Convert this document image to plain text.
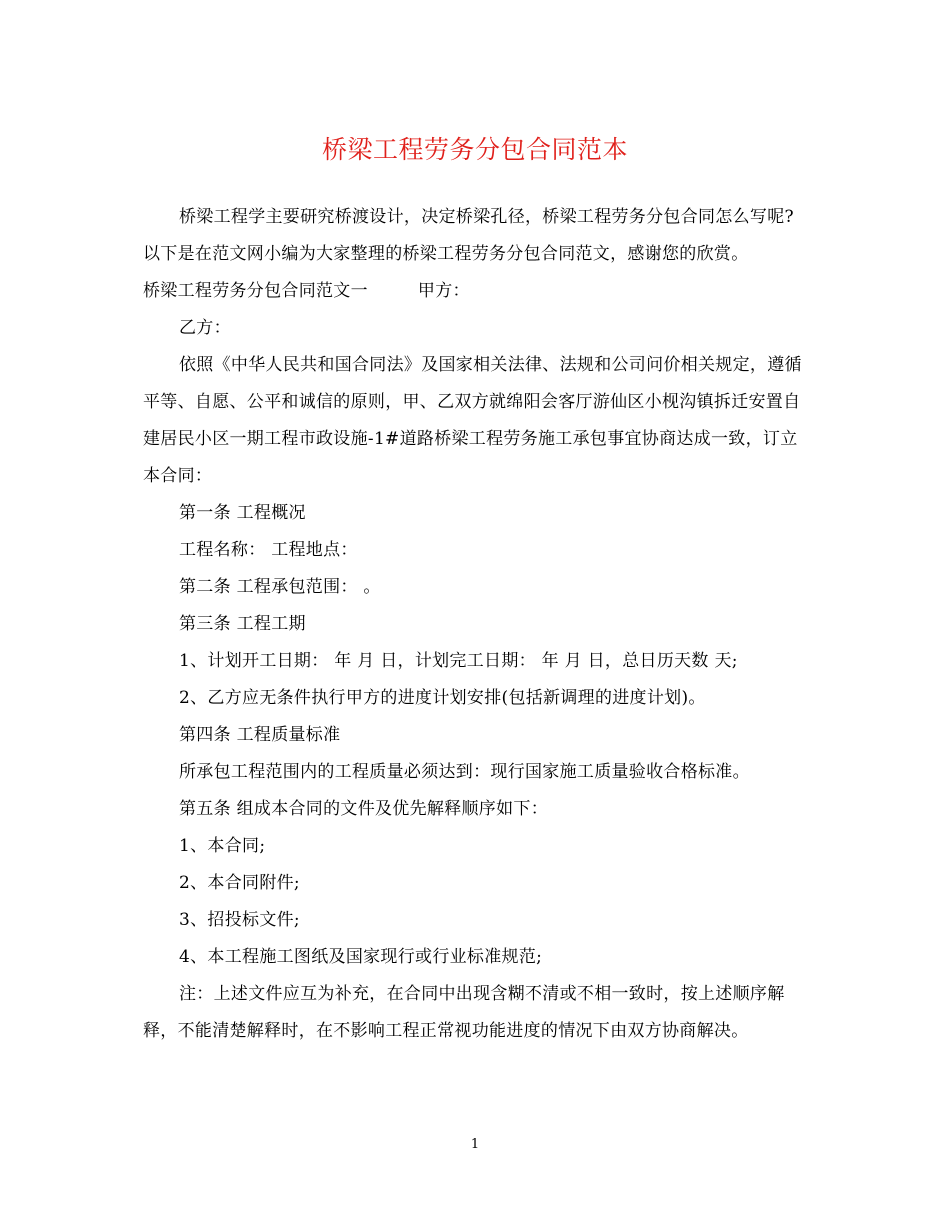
桥梁工程劳务分包合同范本

桥梁工程学主要研究桥渡设计，决定桥梁孔径，桥梁工程劳务分包合同怎么写呢?以下是在范文网小编为大家整理的桥梁工程劳务分包合同范文，感谢您的欣赏。

桥梁工程劳务分包合同范文一	甲方：

乙方：

依照《中华人民共和国合同法》及国家相关法律、法规和公司问价相关规定，遵循平等、自愿、公平和诚信的原则，甲、乙双方就绵阳会客厅游仙区小枧沟镇拆迁安置自建居民小区一期工程市政设施-1#道路桥梁工程劳务施工承包事宜协商达成一致，订立本合同：

第一条 工程概况

工程名称： 工程地点：

第二条 工程承包范围： 。

第三条 工程工期

1、计划开工日期： 年 月 日，计划完工日期： 年 月 日，总日历天数 天;

2、乙方应无条件执行甲方的进度计划安排(包括新调理的进度计划)。

第四条 工程质量标准

所承包工程范围内的工程质量必须达到：现行国家施工质量验收合格标准。

第五条 组成本合同的文件及优先解释顺序如下：

1、本合同;

2、本合同附件;

3、招投标文件;

4、本工程施工图纸及国家现行或行业标准规范;

注：上述文件应互为补充，在合同中出现含糊不清或不相一致时，按上述顺序解释，不能清楚解释时，在不影响工程正常视功能进度的情况下由双方协商解决。

1
